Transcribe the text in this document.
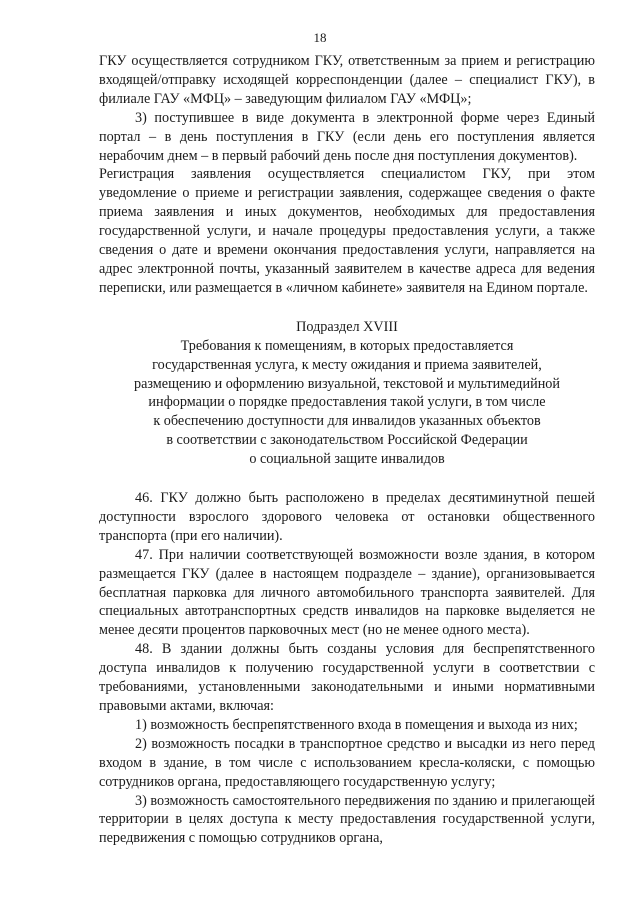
18

ГКУ осуществляется сотрудником ГКУ, ответственным за прием и регистрацию входящей/отправку исходящей корреспонденции (далее – специалист ГКУ), в филиале ГАУ «МФЦ» – заведующим филиалом ГАУ «МФЦ»;

3) поступившее в виде документа в электронной форме через Единый портал – в день поступления в ГКУ (если день его поступления является нерабочим днем – в первый рабочий день после дня поступления документов).

Регистрация заявления осуществляется специалистом ГКУ, при этом уведомление о приеме и регистрации заявления, содержащее сведения о факте приема заявления и иных документов, необходимых для предоставления государственной услуги, и начале процедуры предоставления услуги, а также сведения о дате и времени окончания предоставления услуги, направляется на адрес электронной почты, указанный заявителем в качестве адреса для ведения переписки, или размещается в «личном кабинете» заявителя на Едином портале.

Подраздел XVIII
Требования к помещениям, в которых предоставляется
государственная услуга, к месту ожидания и приема заявителей,
размещению и оформлению визуальной, текстовой и мультимедийной
информации о порядке предоставления такой услуги, в том числе
к обеспечению доступности для инвалидов указанных объектов
в соответствии с законодательством Российской Федерации
о социальной защите инвалидов

46. ГКУ должно быть расположено в пределах десятиминутной пешей доступности взрослого здорового человека от остановки общественного транспорта (при его наличии).

47. При наличии соответствующей возможности возле здания, в котором размещается ГКУ (далее в настоящем подразделе – здание), организовывается бесплатная парковка для личного автомобильного транспорта заявителей. Для специальных автотранспортных средств инвалидов на парковке выделяется не менее десяти процентов парковочных мест (но не менее одного места).

48. В здании должны быть созданы условия для беспрепятственного доступа инвалидов к получению государственной услуги в соответствии с требованиями, установленными законодательными и иными нормативными правовыми актами, включая:

1) возможность беспрепятственного входа в помещения и выхода из них;

2) возможность посадки в транспортное средство и высадки из него перед входом в здание, в том числе с использованием кресла-коляски, с помощью сотрудников органа, предоставляющего государственную услугу;

3) возможность самостоятельного передвижения по зданию и прилегающей территории в целях доступа к месту предоставления государственной услуги, передвижения с помощью сотрудников органа,
